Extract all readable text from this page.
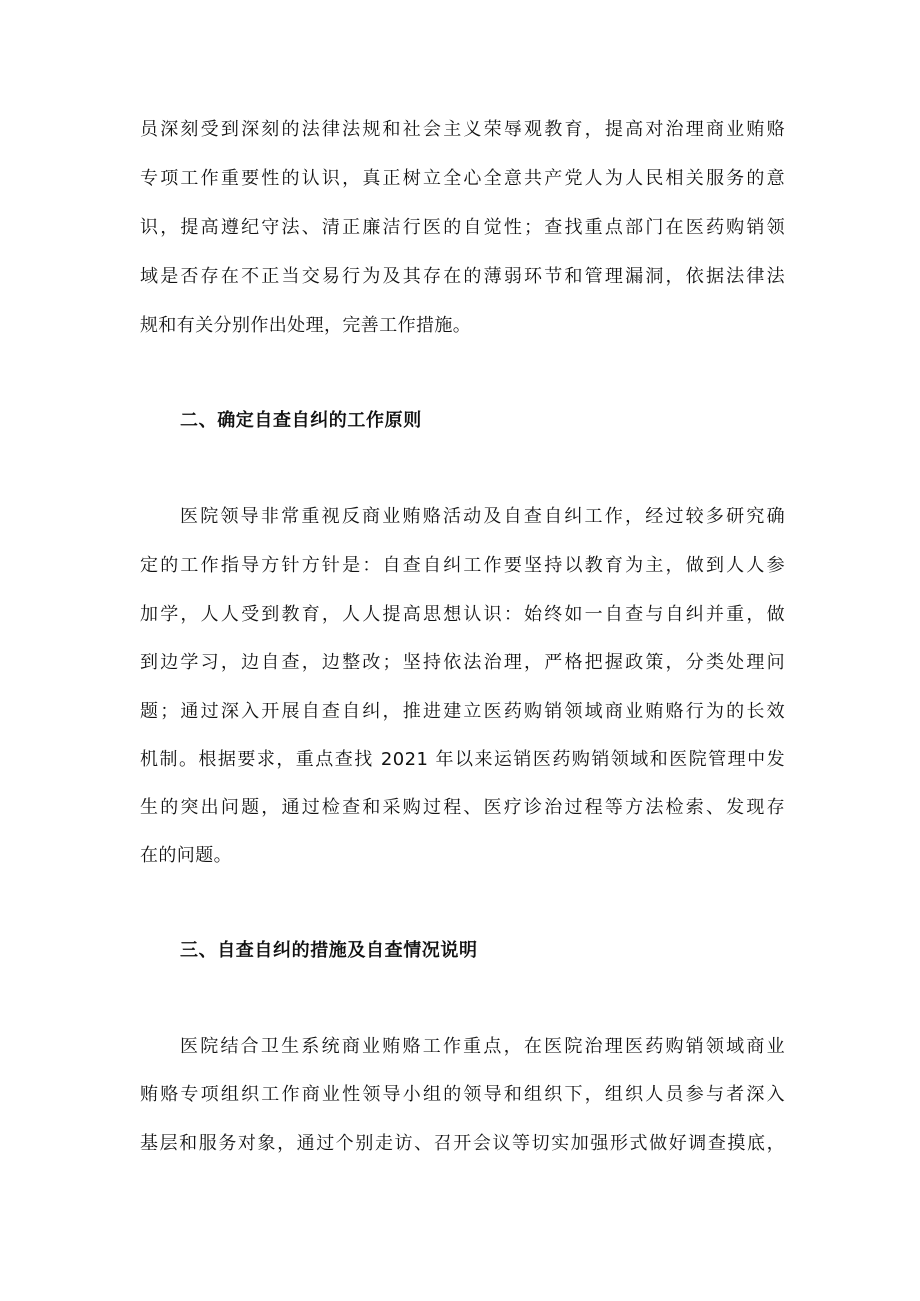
员深刻受到深刻的法律法规和社会主义荣辱观教育，提高对治理商业贿赂
专项工作重要性的认识，真正树立全心全意共产党人为人民相关服务的意
识，提高遵纪守法、清正廉洁行医的自觉性；查找重点部门在医药购销领
域是否存在不正当交易行为及其存在的薄弱环节和管理漏洞，依据法律法
规和有关分别作出处理，完善工作措施。
二、确定自查自纠的工作原则
医院领导非常重视反商业贿赂活动及自查自纠工作，经过较多研究确
定的工作指导方针方针是：自查自纠工作要坚持以教育为主，做到人人参
加学，人人受到教育，人人提高思想认识：始终如一自查与自纠并重，做
到边学习，边自查，边整改；坚持依法治理，严格把握政策，分类处理问
题；通过深入开展自查自纠，推进建立医药购销领域商业贿赂行为的长效
机制。根据要求，重点查找 2021 年以来运销医药购销领域和医院管理中发
生的突出问题，通过检查和采购过程、医疗诊治过程等方法检索、发现存
在的问题。
三、自查自纠的措施及自查情况说明
医院结合卫生系统商业贿赂工作重点，在医院治理医药购销领域商业
贿赂专项组织工作商业性领导小组的领导和组织下，组织人员参与者深入
基层和服务对象，通过个别走访、召开会议等切实加强形式做好调查摸底，
